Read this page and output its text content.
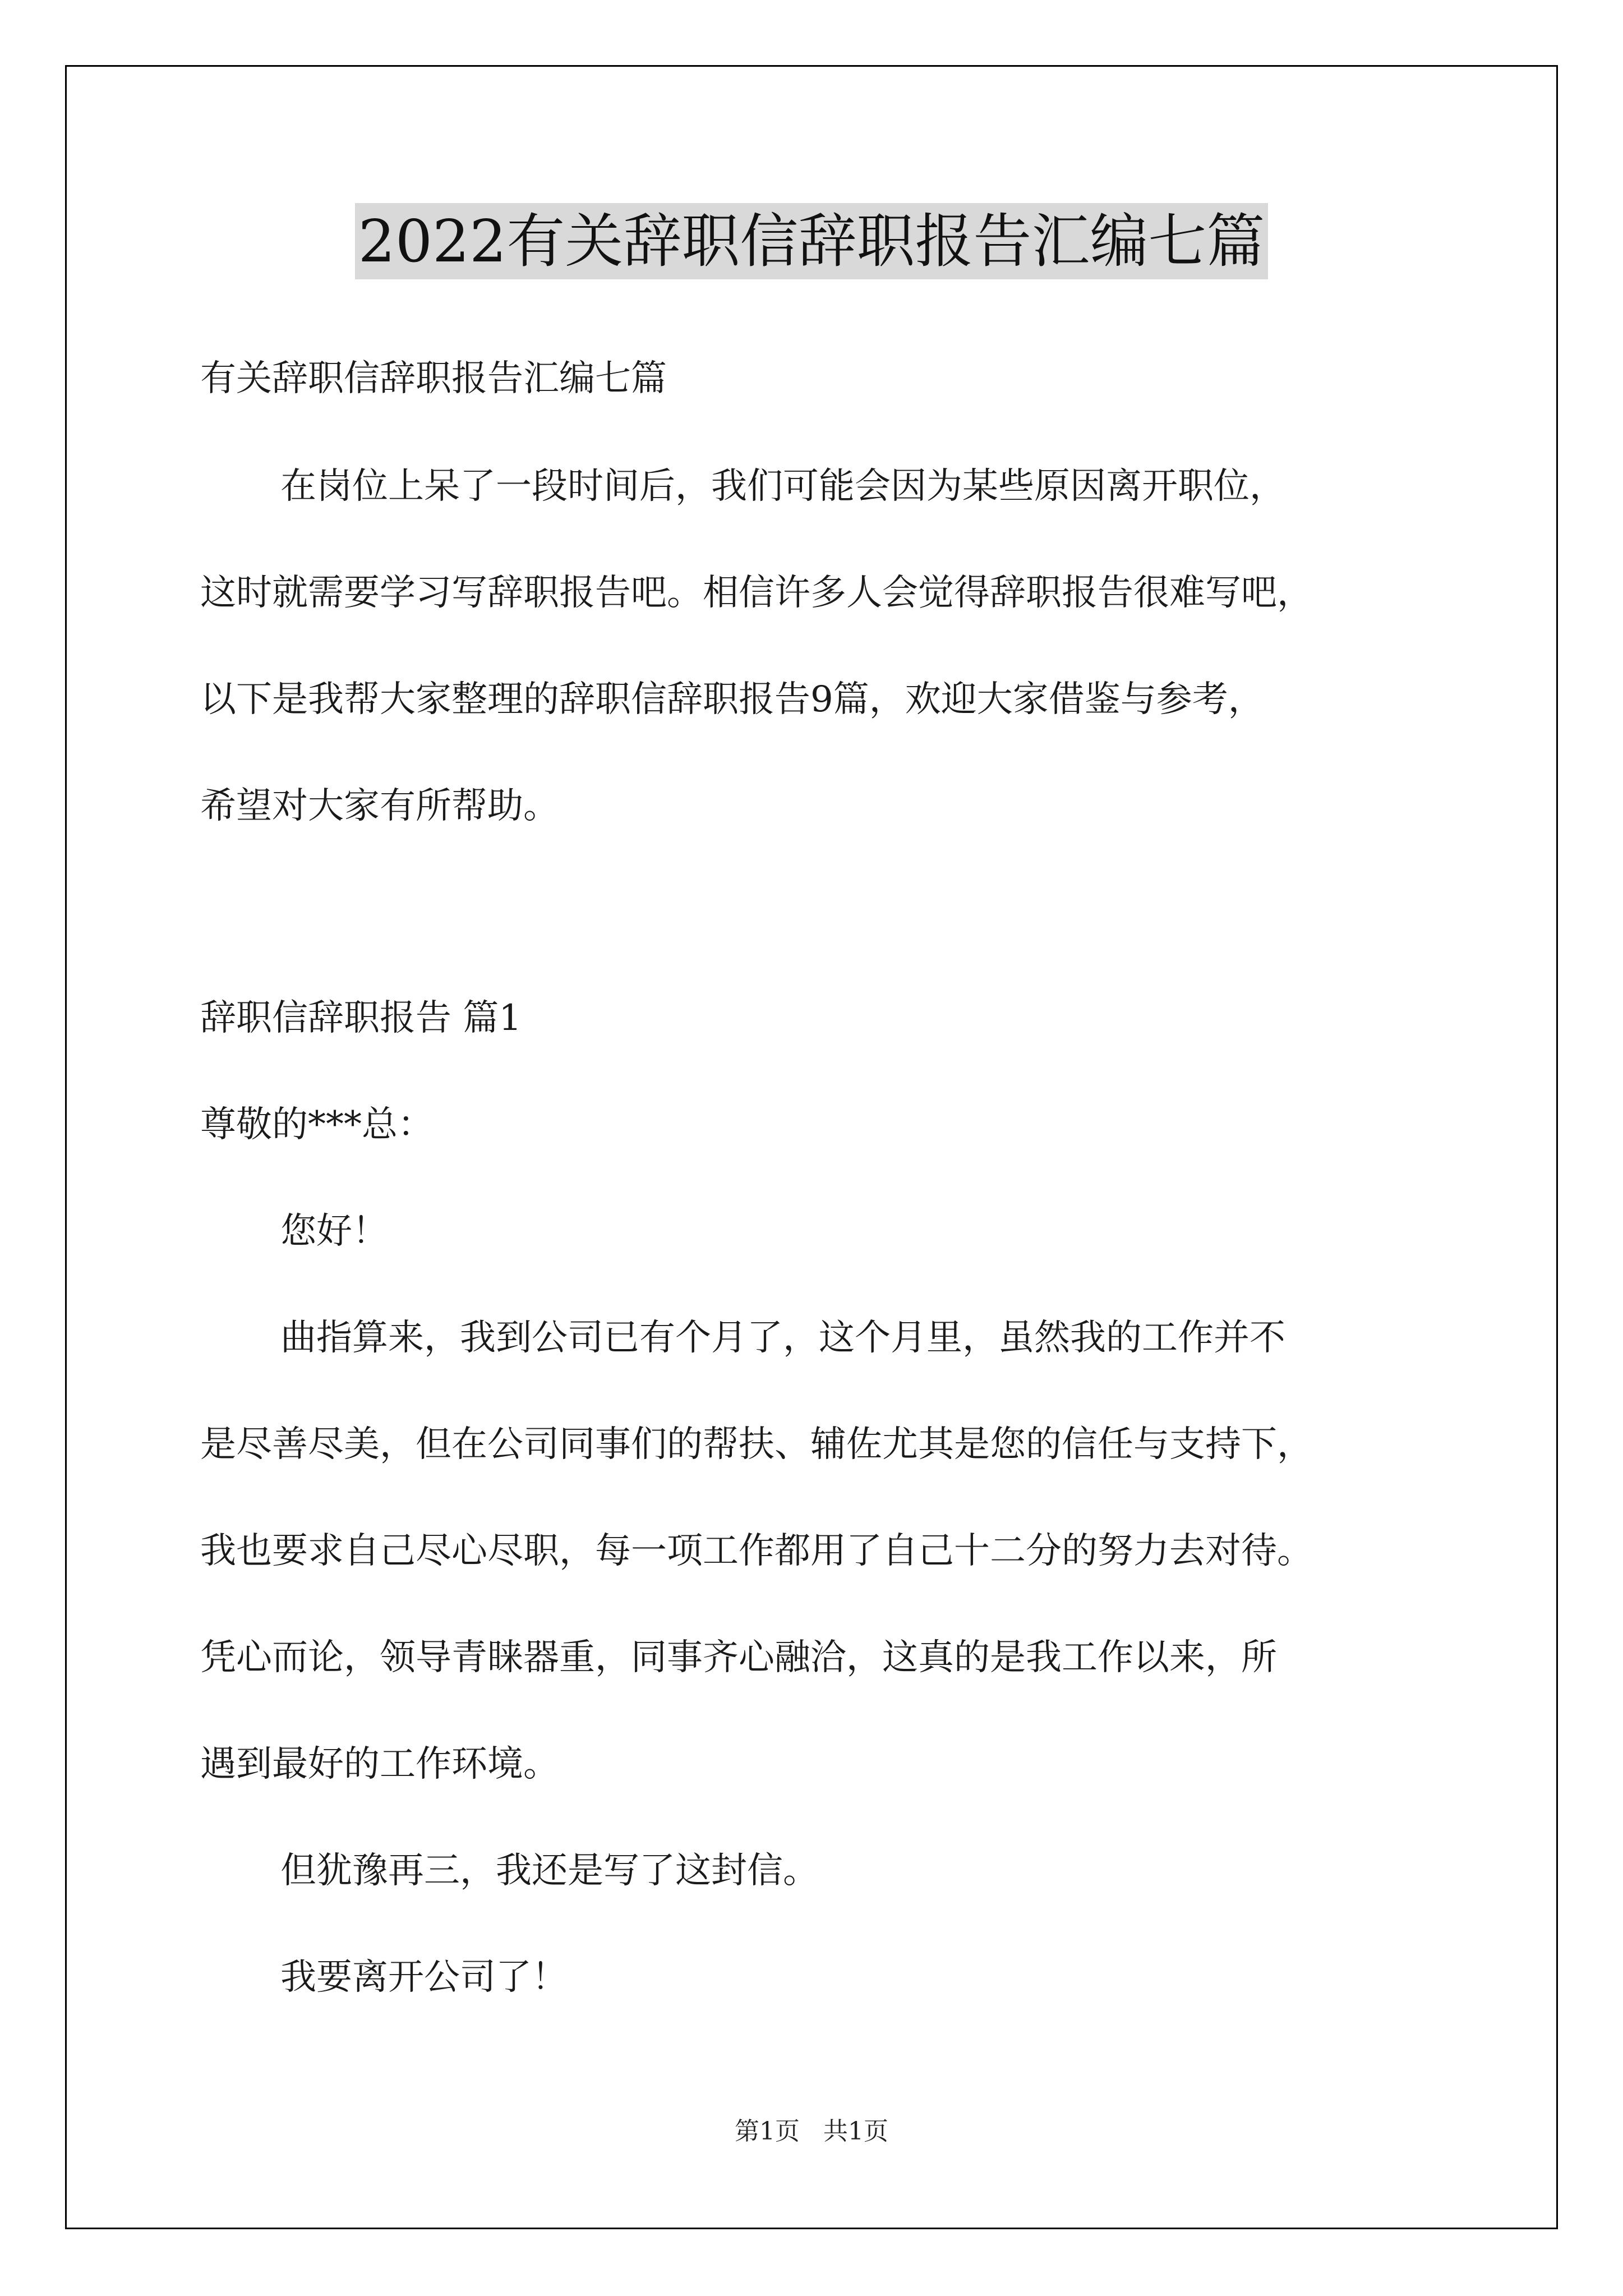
2022有关辞职信辞职报告汇编七篇
有关辞职信辞职报告汇编七篇
在岗位上呆了一段时间后，我们可能会因为某些原因离开职位，
这时就需要学习写辞职报告吧。相信许多人会觉得辞职报告很难写吧，
以下是我帮大家整理的辞职信辞职报告9篇，欢迎大家借鉴与参考，
希望对大家有所帮助。
辞职信辞职报告 篇1
尊敬的***总：
您好！
曲指算来，我到公司已有个月了，这个月里，虽然我的工作并不
是尽善尽美，但在公司同事们的帮扶、辅佐尤其是您的信任与支持下，
我也要求自己尽心尽职，每一项工作都用了自己十二分的努力去对待。
凭心而论，领导青睐器重，同事齐心融洽，这真的是我工作以来，所
遇到最好的工作环境。
但犹豫再三，我还是写了这封信。
我要离开公司了！
第1页 共1页
